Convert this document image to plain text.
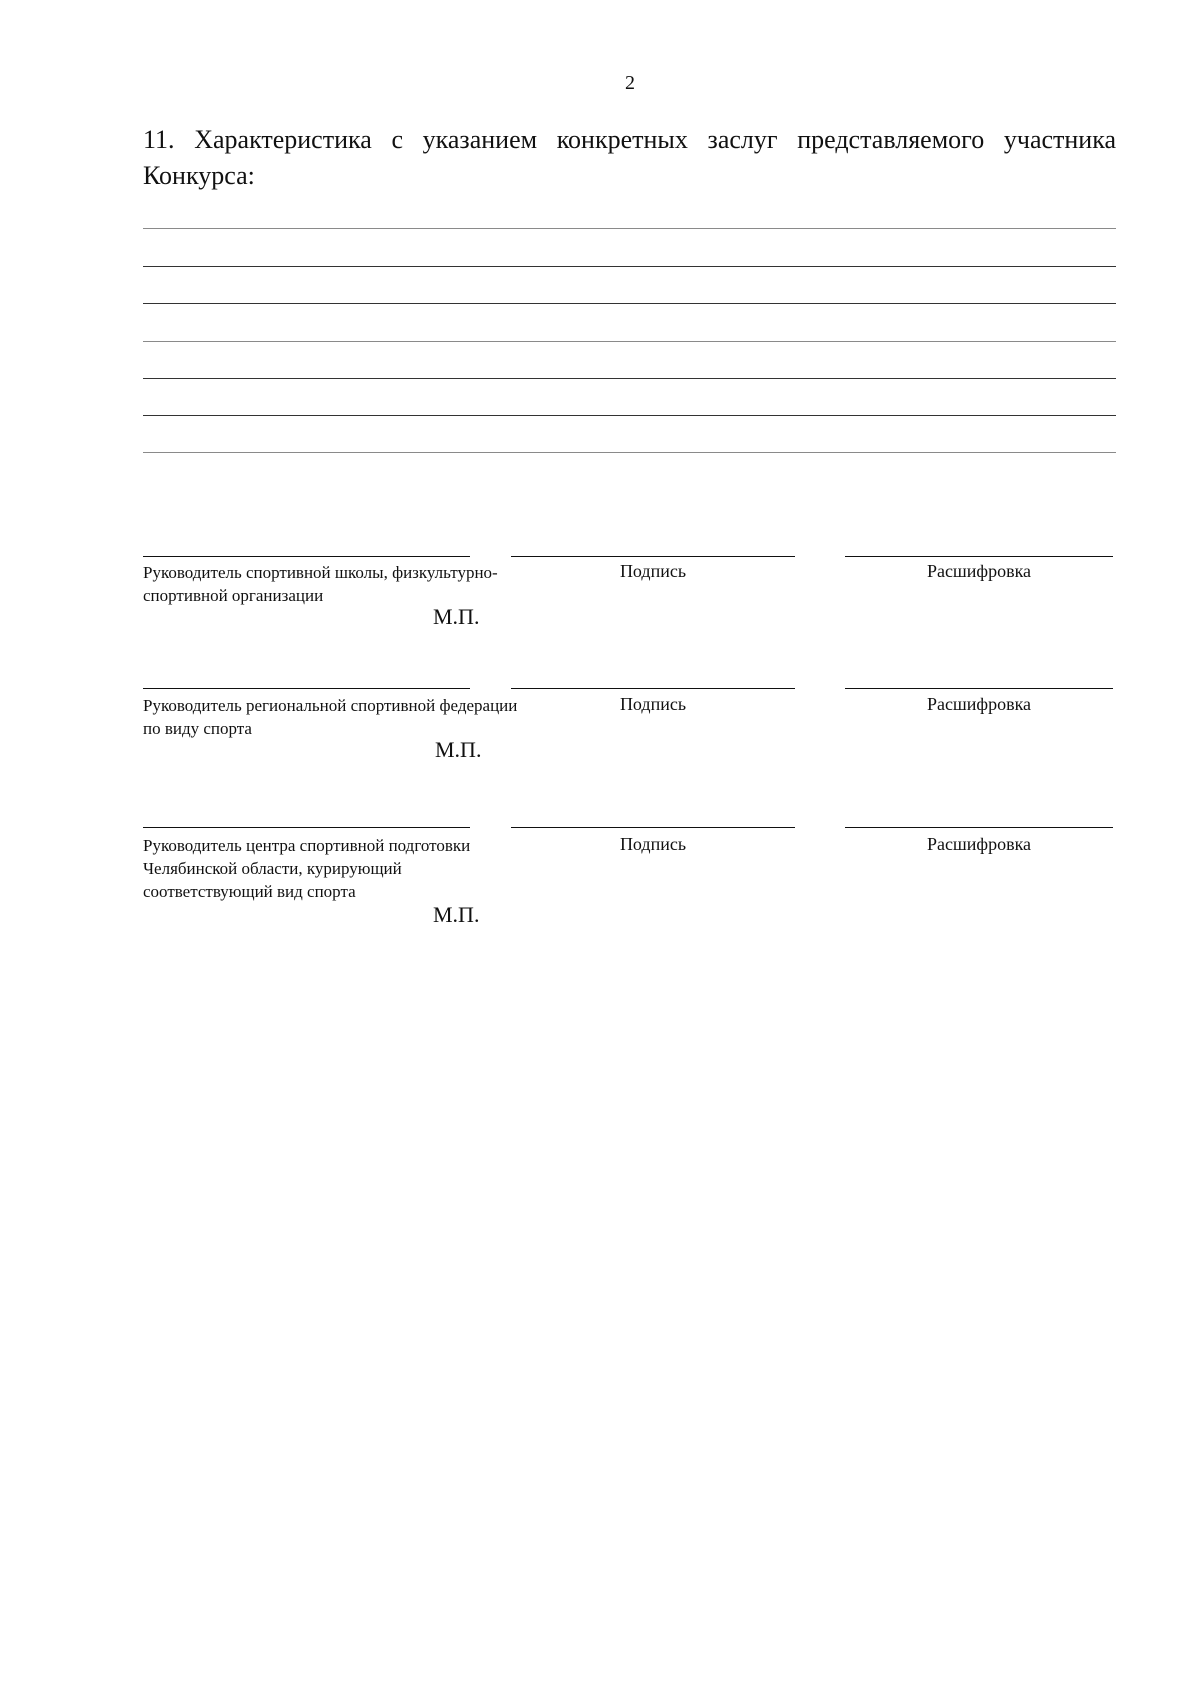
2
11. Характеристика с указанием конкретных заслуг представляемого участника Конкурса:
Руководитель спортивной школы, физкультурно-спортивной организации
Подпись	Расшифровка
М.П.
Руководитель региональной спортивной федерации по виду спорта
Подпись	Расшифровка
М.П.
Руководитель центра спортивной подготовки Челябинской области, курирующий соответствующий вид спорта
Подпись	Расшифровка
М.П.
